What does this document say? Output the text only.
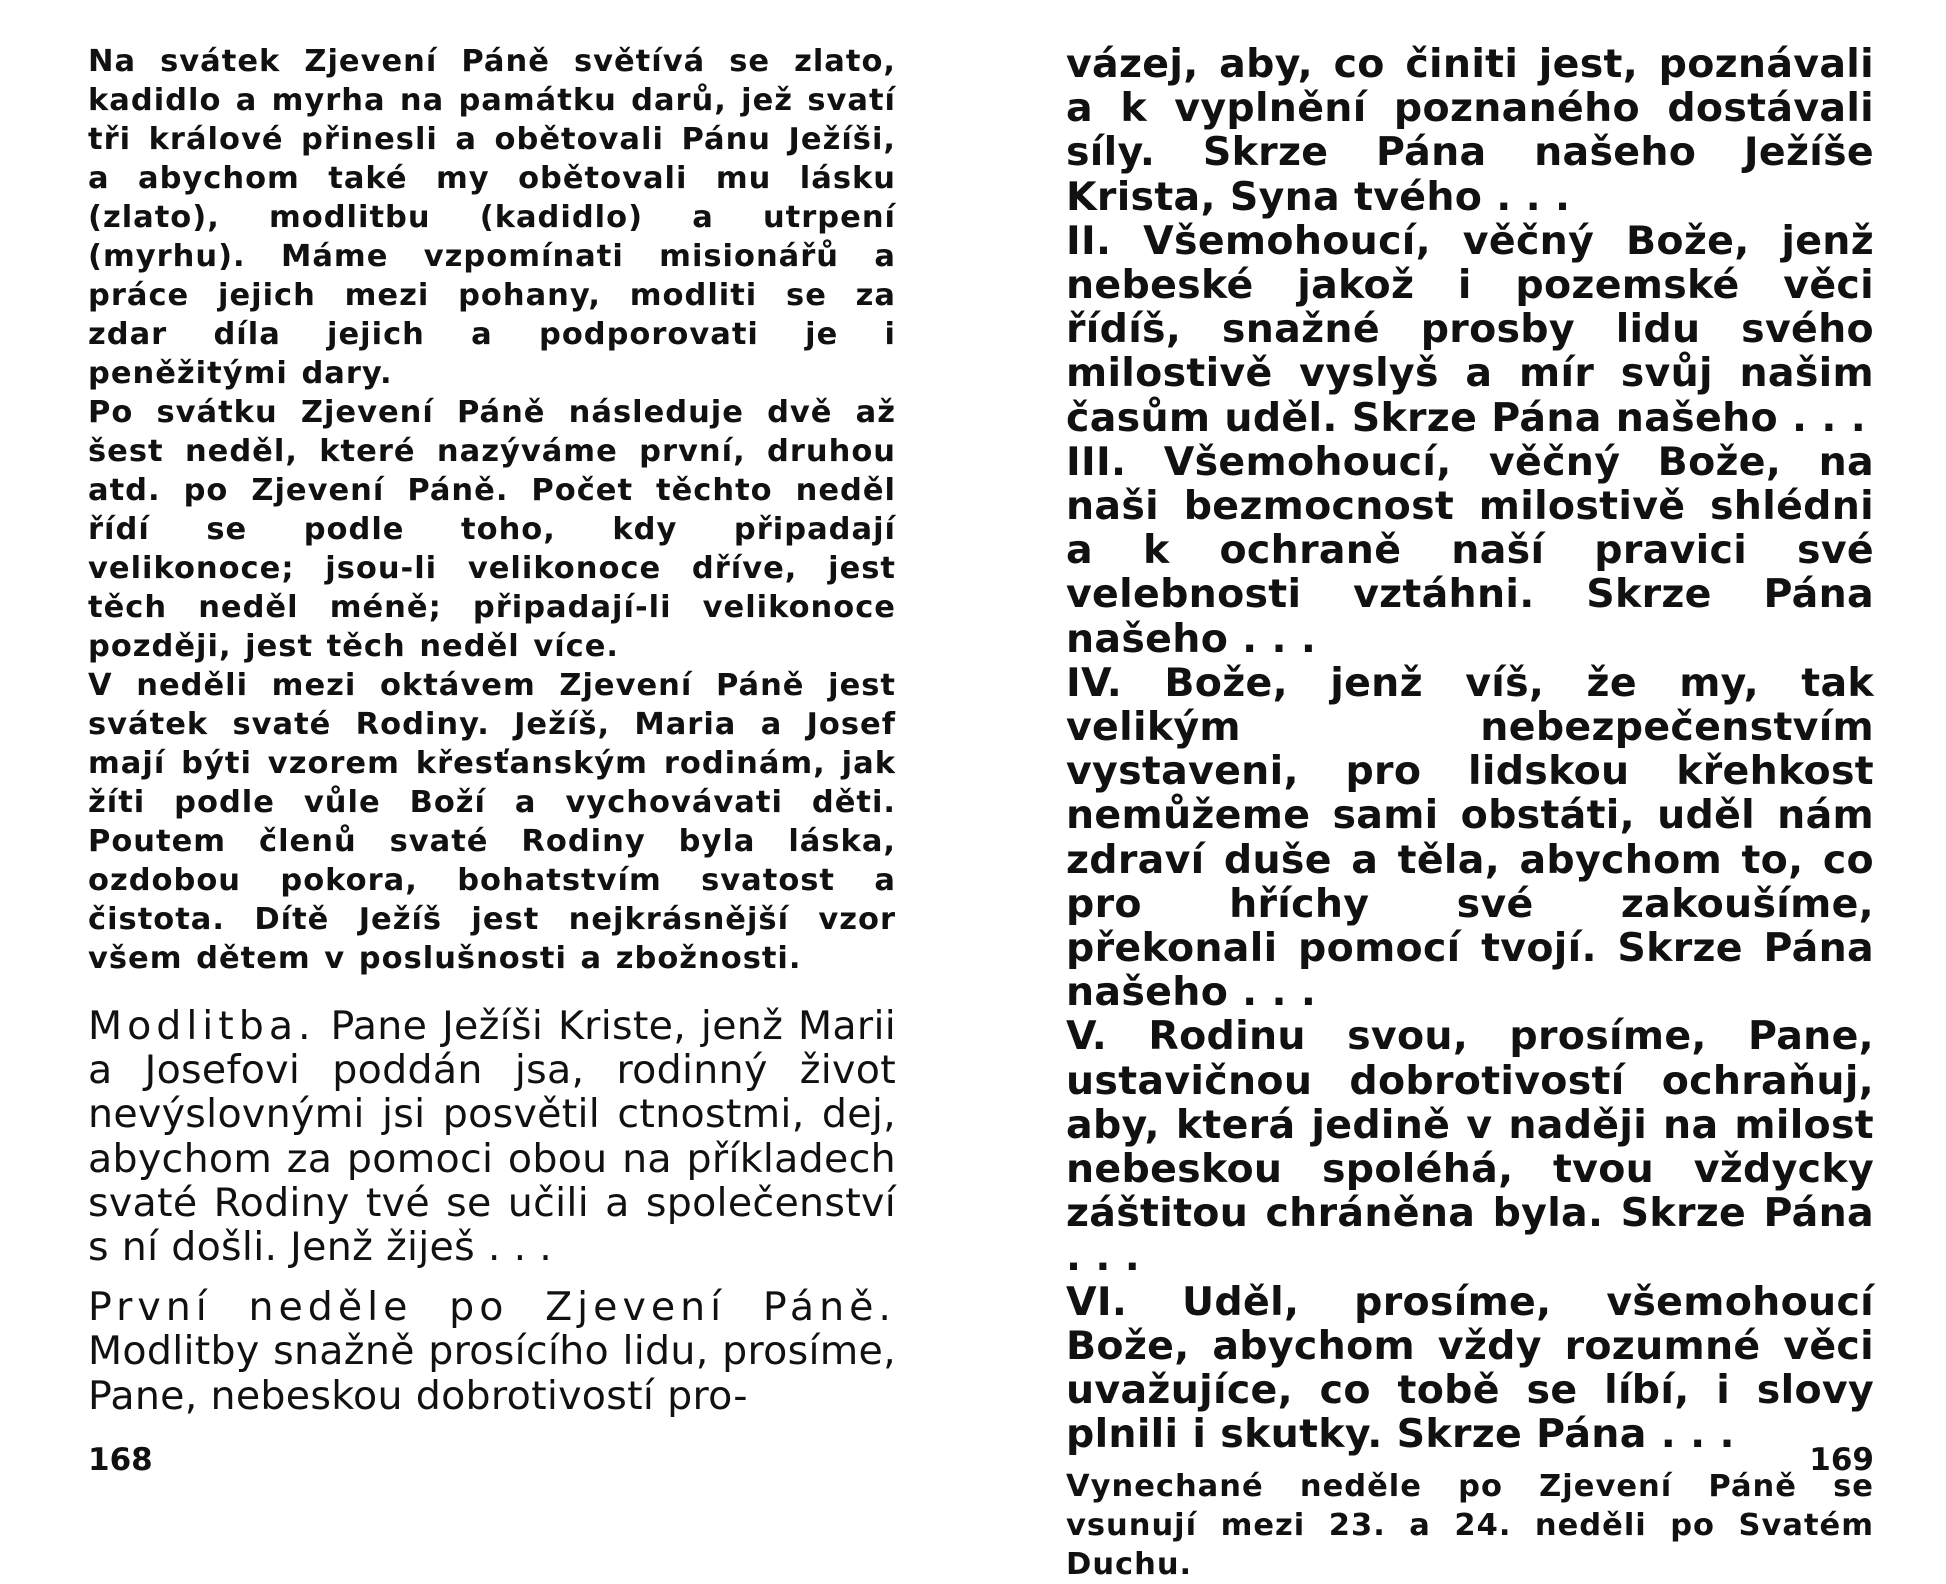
Na svátek Zjevení Páně světívá se zlato, kadidlo a myrha na památku darů, jež svatí tři králové přinesli a obětovali Pánu Ježíši, a abychom také my obětovali mu lásku (zlato), modlitbu (kadidlo) a utrpení (myrhu). Máme vzpomínati misionářů a práce jejich mezi pohany, modliti se za zdar díla jejich a podporovati je i peněžitými dary.

Po svátku Zjevení Páně následuje dvě až šest neděl, které nazýváme první, druhou atd. po Zjevení Páně. Počet těchto neděl řídí se podle toho, kdy připadají velikonoce; jsou-li velikonoce dříve, jest těch neděl méně; připadají-li velikonoce později, jest těch neděl více.

V neděli mezi oktávem Zjevení Páně jest svátek svaté Rodiny. Ježíš, Maria a Josef mají býti vzorem křesťanským rodinám, jak žíti podle vůle Boží a vychovávati děti. Poutem členů svaté Rodiny byla láska, ozdobou pokora, bohatstvím svatost a čistota. Dítě Ježíš jest nejkrásnější vzor všem dětem v poslušnosti a zbožnosti.

Modlitba. Pane Ježíši Kriste, jenž Marii a Josefovi poddán jsa, rodinný život nevýslovnými jsi posvětil ctnostmi, dej, abychom za pomoci obou na příkladech svaté Rodiny tvé se učili a společenství s ní došli. Jenž žiješ . . .

První neděle po Zjevení Páně. Modlitby snažně prosícího lidu, prosíme, Pane, nebeskou dobrotivostí pro-

vázej, aby, co činiti jest, poznávali a k vyplnění poznaného dostávali síly. Skrze Pána našeho Ježíše Krista, Syna tvého . . .

II. Všemohoucí, věčný Bože, jenž nebeské jakož i pozemské věci řídíš, snažné prosby lidu svého milostivě vyslyš a mír svůj našim časům uděl. Skrze Pána našeho . . .

III. Všemohoucí, věčný Bože, na naši bezmocnost milostivě shlédni a k ochraně naší pravici své velebnosti vztáhni. Skrze Pána našeho . . .

IV. Bože, jenž víš, že my, tak velikým nebezpečenstvím vystaveni, pro lidskou křehkost nemůžeme sami obstáti, uděl nám zdraví duše a těla, abychom to, co pro hříchy své zakoušíme, překonali pomocí tvojí. Skrze Pána našeho . . .

V. Rodinu svou, prosíme, Pane, ustavičnou dobrotivostí ochraňuj, aby, která jedině v naději na milost nebeskou spoléhá, tvou vždycky záštitou chráněna byla. Skrze Pána . . .

VI. Uděl, prosíme, všemohoucí Bože, abychom vždy rozumné věci uvažujíce, co tobě se líbí, i slovy plnili i skutky. Skrze Pána . . .

Vynechané neděle po Zjevení Páně se vsunují mezi 23. a 24. neděli po Svatém Duchu.

168	169
